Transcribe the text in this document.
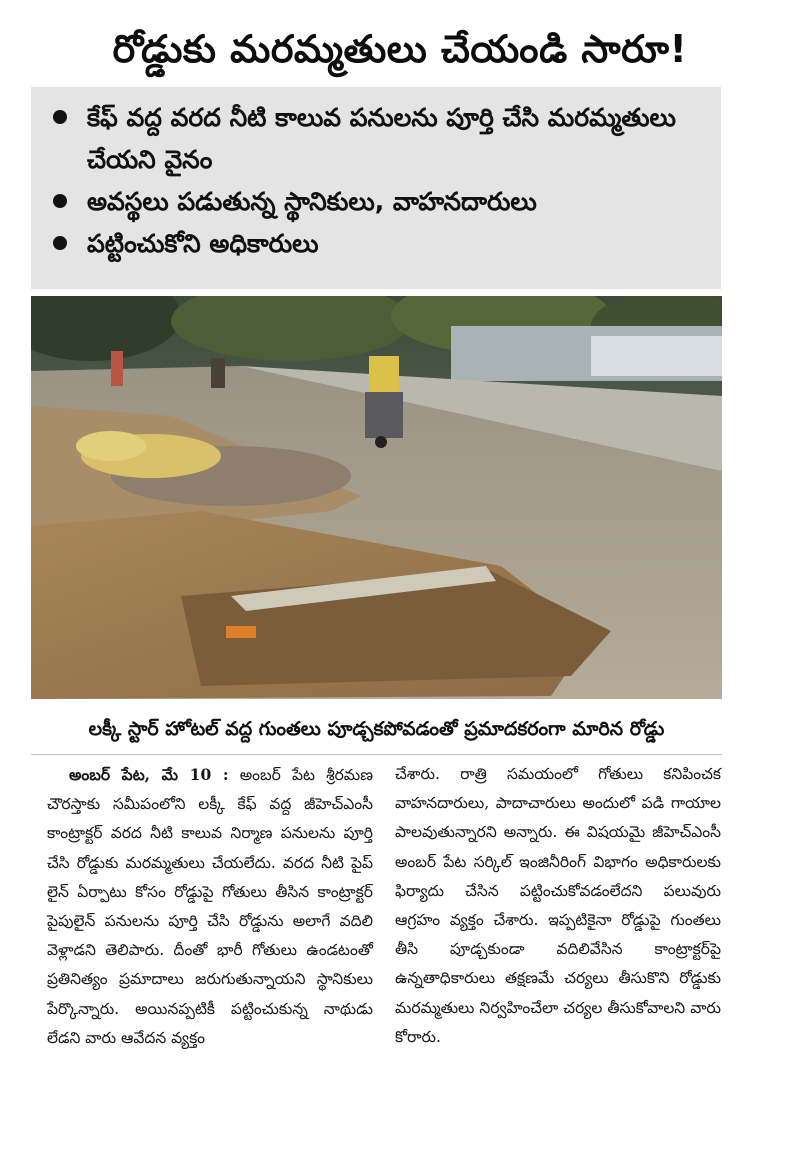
రోడ్డుకు మరమ్మతులు చేయండి సారూ!
కేఫ్ వద్ద వరద నీటి కాలువ పనులను పూర్తి చేసి మరమ్మతులు చేయని వైనం
అవస్థలు పడుతున్న స్థానికులు, వాహనదారులు
పట్టించుకోని అధికారులు
లక్కీ స్టార్ హోటల్ వద్ద గుంతలు పూడ్చకపోవడంతో ప్రమాదకరంగా మారిన రోడ్డు

అంబర్ పేట, మే 10 : అంబర్ పేట శ్రీరమణ చౌరస్తాకు సమీపంలోని లక్కీ కేఫ్ వద్ద జీహెచ్ఎంసీ కాంట్రాక్టర్ వరద నీటి కాలువ నిర్మాణ పనులను పూర్తి చేసి రోడ్డుకు మరమ్మతులు చేయలేదు. వరద నీటి పైప్ లైన్ ఏర్పాటు కోసం రోడ్డుపై గోతులు తీసిన కాంట్రాక్టర్ పైపులైన్ పనులను పూర్తి చేసి రోడ్డును అలాగే వదిలి వెళ్లాడని తెలిపారు. దీంతో భారీ గోతులు ఉండటంతో ప్రతినిత్యం ప్రమాదాలు జరుగుతున్నాయని స్థానికులు పేర్కొన్నారు. అయినప్పటికీ పట్టించుకున్న నాథుడు లేడని వారు ఆవేదన వ్యక్తం

చేశారు. రాత్రి సమయంలో గోతులు కనిపించక వాహనదారులు, పాదాచారులు అందులో పడి గాయాల పాలవుతున్నారని అన్నారు. ఈ విషయమై జీహెచ్ఎంసీ అంబర్ పేట సర్కిల్ ఇంజినీరింగ్ విభాగం అధికారులకు ఫిర్యాదు చేసిన పట్టించుకోవడంలేదని పలువురు ఆగ్రహం వ్యక్తం చేశారు. ఇప్పటికైనా రోడ్డుపై గుంతలు తీసి పూడ్చకుండా వదిలివేసిన కాంట్రాక్టర్‌పై ఉన్నతాధికారులు తక్షణమే చర్యలు తీసుకొని రోడ్డుకు మరమ్మతులు నిర్వహించేలా చర్యల తీసుకోవాలని వారు కోరారు.
